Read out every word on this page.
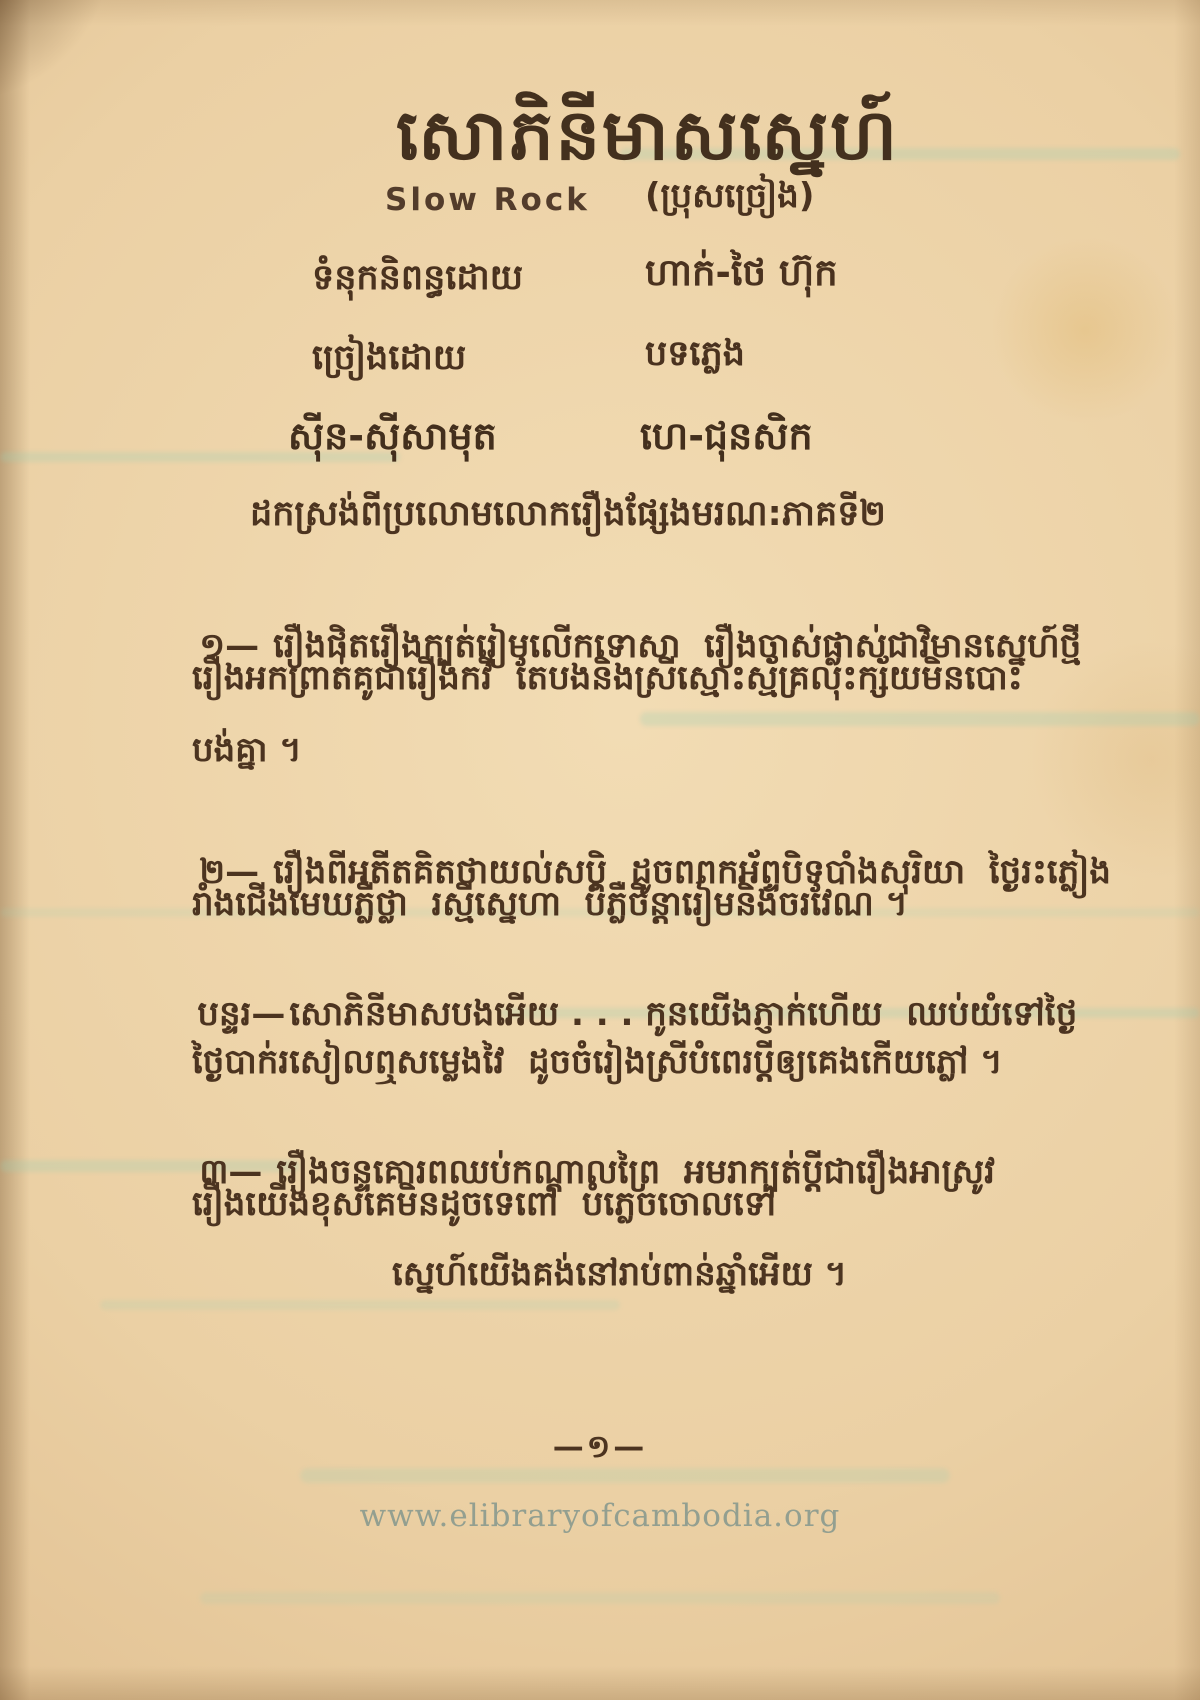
សោភិនីមាសស្នេហ៍
Slow Rock (ប្រុសច្រៀង)
ទំនុកនិពន្ធដោយ	ហាក់-ថៃ ហ៊ុក
ច្រៀងដោយ	បទភ្លេង
ស៊ីន-ស៊ីសាមុត	ហេ-ជុនសិក
ដកស្រង់ពីប្រលោមលោករឿងផ្សែងមរណ:ភាគទី២

១— រឿងផិតរឿងក្បត់រៀមលើកទោសា  រឿងចាស់ផ្លាស់ជាវិមានស្នេហ៍ថ្មី

រឿងអកព្រាត់គូជារឿងកវី  តែបងនិងស្រីស្មោះស្ម័គ្រលុះក្ស័យមិនបោះ
បង់គ្នា ។

២— រឿងពីអតីតគិតថាយល់សប្ដិ  ដូចពពកអ័ព្ទបិទបាំងសុរិយា  ថ្ងៃរះភ្លៀង

រាំងជើងមេឃភ្លឺថ្លា  រស្មីស្នេហា  បំភ្លឺចិន្តារៀមនិងចរវែណ ។

បន្ទរ— សោភិនីមាសបងអើយ . . . កូនយើងភ្ញាក់ហើយ  ឈប់យំទៅថ្ងៃ

ថ្ងៃបាក់រសៀលឮសម្លេងវៃ  ដូចចំរៀងស្រីបំពេរប្ដីឲ្យគេងកើយភ្លៅ ។

៣— រឿងចន្ទគោរពឈប់កណ្ដាលព្រៃ  អមរាក្បត់ប្ដីជារឿងអាស្រូវ

រឿងយើងខុសគេមិនដូចទេពៅ  បំភ្លេចចោលទៅ
ស្នេហ៍យើងគង់នៅរាប់ពាន់ឆ្នាំអើយ ។
—១—
www.elibraryofcambodia.org
